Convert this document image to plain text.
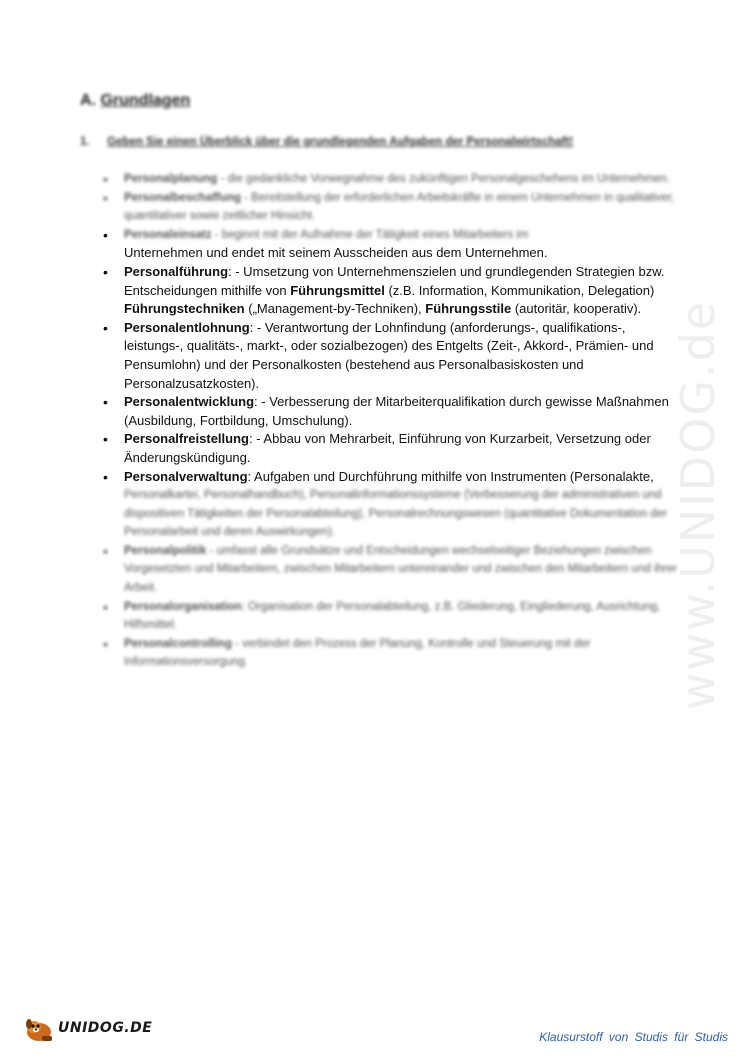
www.UNIDOG.de
A. Grundlagen
1. Geben Sie einen Überblick über die grundlegenden Aufgaben der Personalwirtschaft!
• Personalplanung - die gedankliche Vorwegnahme des zukünftigen Personalgeschehens im Unternehmen.
• Personalbeschaffung - Bereitstellung der erforderlichen Arbeitskräfte in einem Unternehmen in qualitativer, quantitativer sowie zeitlicher Hinsicht.
• Personaleinsatz - beginnt mit der Aufnahme der Tätigkeit eines Mitarbeiters im
Unternehmen und endet mit seinem Ausscheiden aus dem Unternehmen.
• Personalführung: - Umsetzung von Unternehmenszielen und grundlegenden Strategien bzw. Entscheidungen mithilfe von Führungsmittel (z.B. Information, Kommunikation, Delegation) Führungstechniken („Management-by-Techniken), Führungsstile (autoritär, kooperativ).
• Personalentlohnung: - Verantwortung der Lohnfindung (anforderungs-, qualifikations-, leistungs-, qualitäts-, markt-, oder sozialbezogen) des Entgelts (Zeit-, Akkord-, Prämien- und Pensumlohn) und der Personalkosten (bestehend aus Personalbasiskosten und Personalzusatzkosten).
• Personalentwicklung: - Verbesserung der Mitarbeiterqualifikation durch gewisse Maßnahmen (Ausbildung, Fortbildung, Umschulung).
• Personalfreistellung: - Abbau von Mehrarbeit, Einführung von Kurzarbeit, Versetzung oder Änderungskündigung.
• Personalverwaltung: Aufgaben und Durchführung mithilfe von Instrumenten (Personalakte,
Personalkartei, Personalhandbuch), Personalinformationssysteme (Verbesserung der administrativen und dispositiven Tätigkeiten der Personalabteilung), Personalrechnungswesen (quantitative Dokumentation der Personalarbeit und deren Auswirkungen).
• Personalpolitik - umfasst alle Grundsätze und Entscheidungen wechselseitiger Beziehungen zwischen Vorgesetzten und Mitarbeitern, zwischen Mitarbeitern untereinander und zwischen den Mitarbeitern und ihrer Arbeit.
• Personalorganisation: Organisation der Personalabteilung, z.B. Gliederung, Eingliederung, Ausrichtung, Hilfsmittel.
• Personalcontrolling - verbindet den Prozess der Planung, Kontrolle und Steuerung mit der Informationsversorgung.
UNIDOG.DE
Klausurstoff von Studis für Studis
